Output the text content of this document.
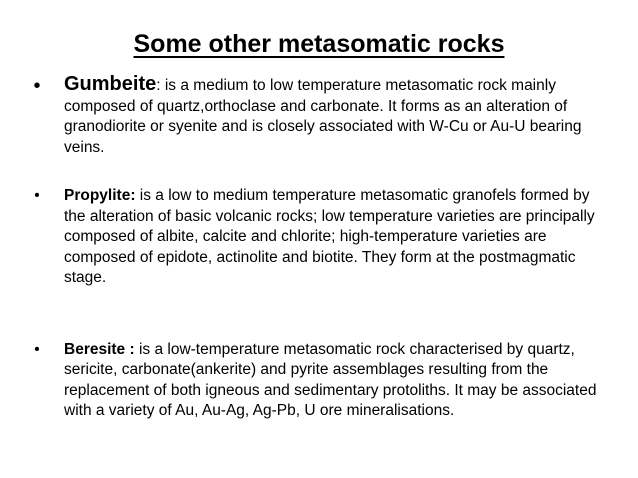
Some other metasomatic rocks
• Gumbeite: is a medium to low temperature metasomatic rock mainly composed of quartz,orthoclase and carbonate. It forms as an alteration of granodiorite or syenite and is closely associated with W-Cu or Au-U bearing veins.
• Propylite: is a low to medium temperature metasomatic granofels formed by the alteration of basic volcanic rocks; low temperature varieties are principally composed of albite, calcite and chlorite; high-temperature varieties are composed of epidote, actinolite and biotite. They form at the postmagmatic stage.
• Beresite : is a low-temperature metasomatic rock characterised by quartz, sericite, carbonate(ankerite) and pyrite assemblages resulting from the replacement of both igneous and sedimentary protoliths. It may be associated with a variety of Au, Au-Ag, Ag-Pb, U ore mineralisations.
